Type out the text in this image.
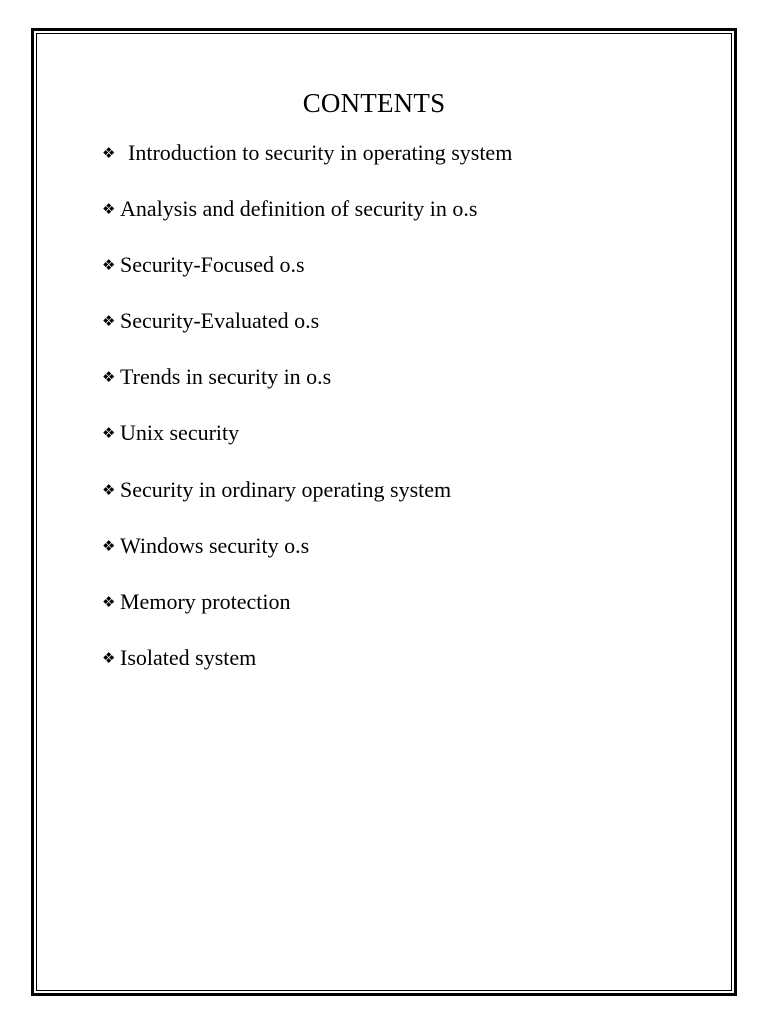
CONTENTS
❖ Introduction to security in operating system
❖ Analysis and definition of security in o.s
❖ Security-Focused o.s
❖ Security-Evaluated o.s
❖ Trends in security in o.s
❖ Unix security
❖ Security in ordinary operating system
❖ Windows security o.s
❖ Memory protection
❖ Isolated system
